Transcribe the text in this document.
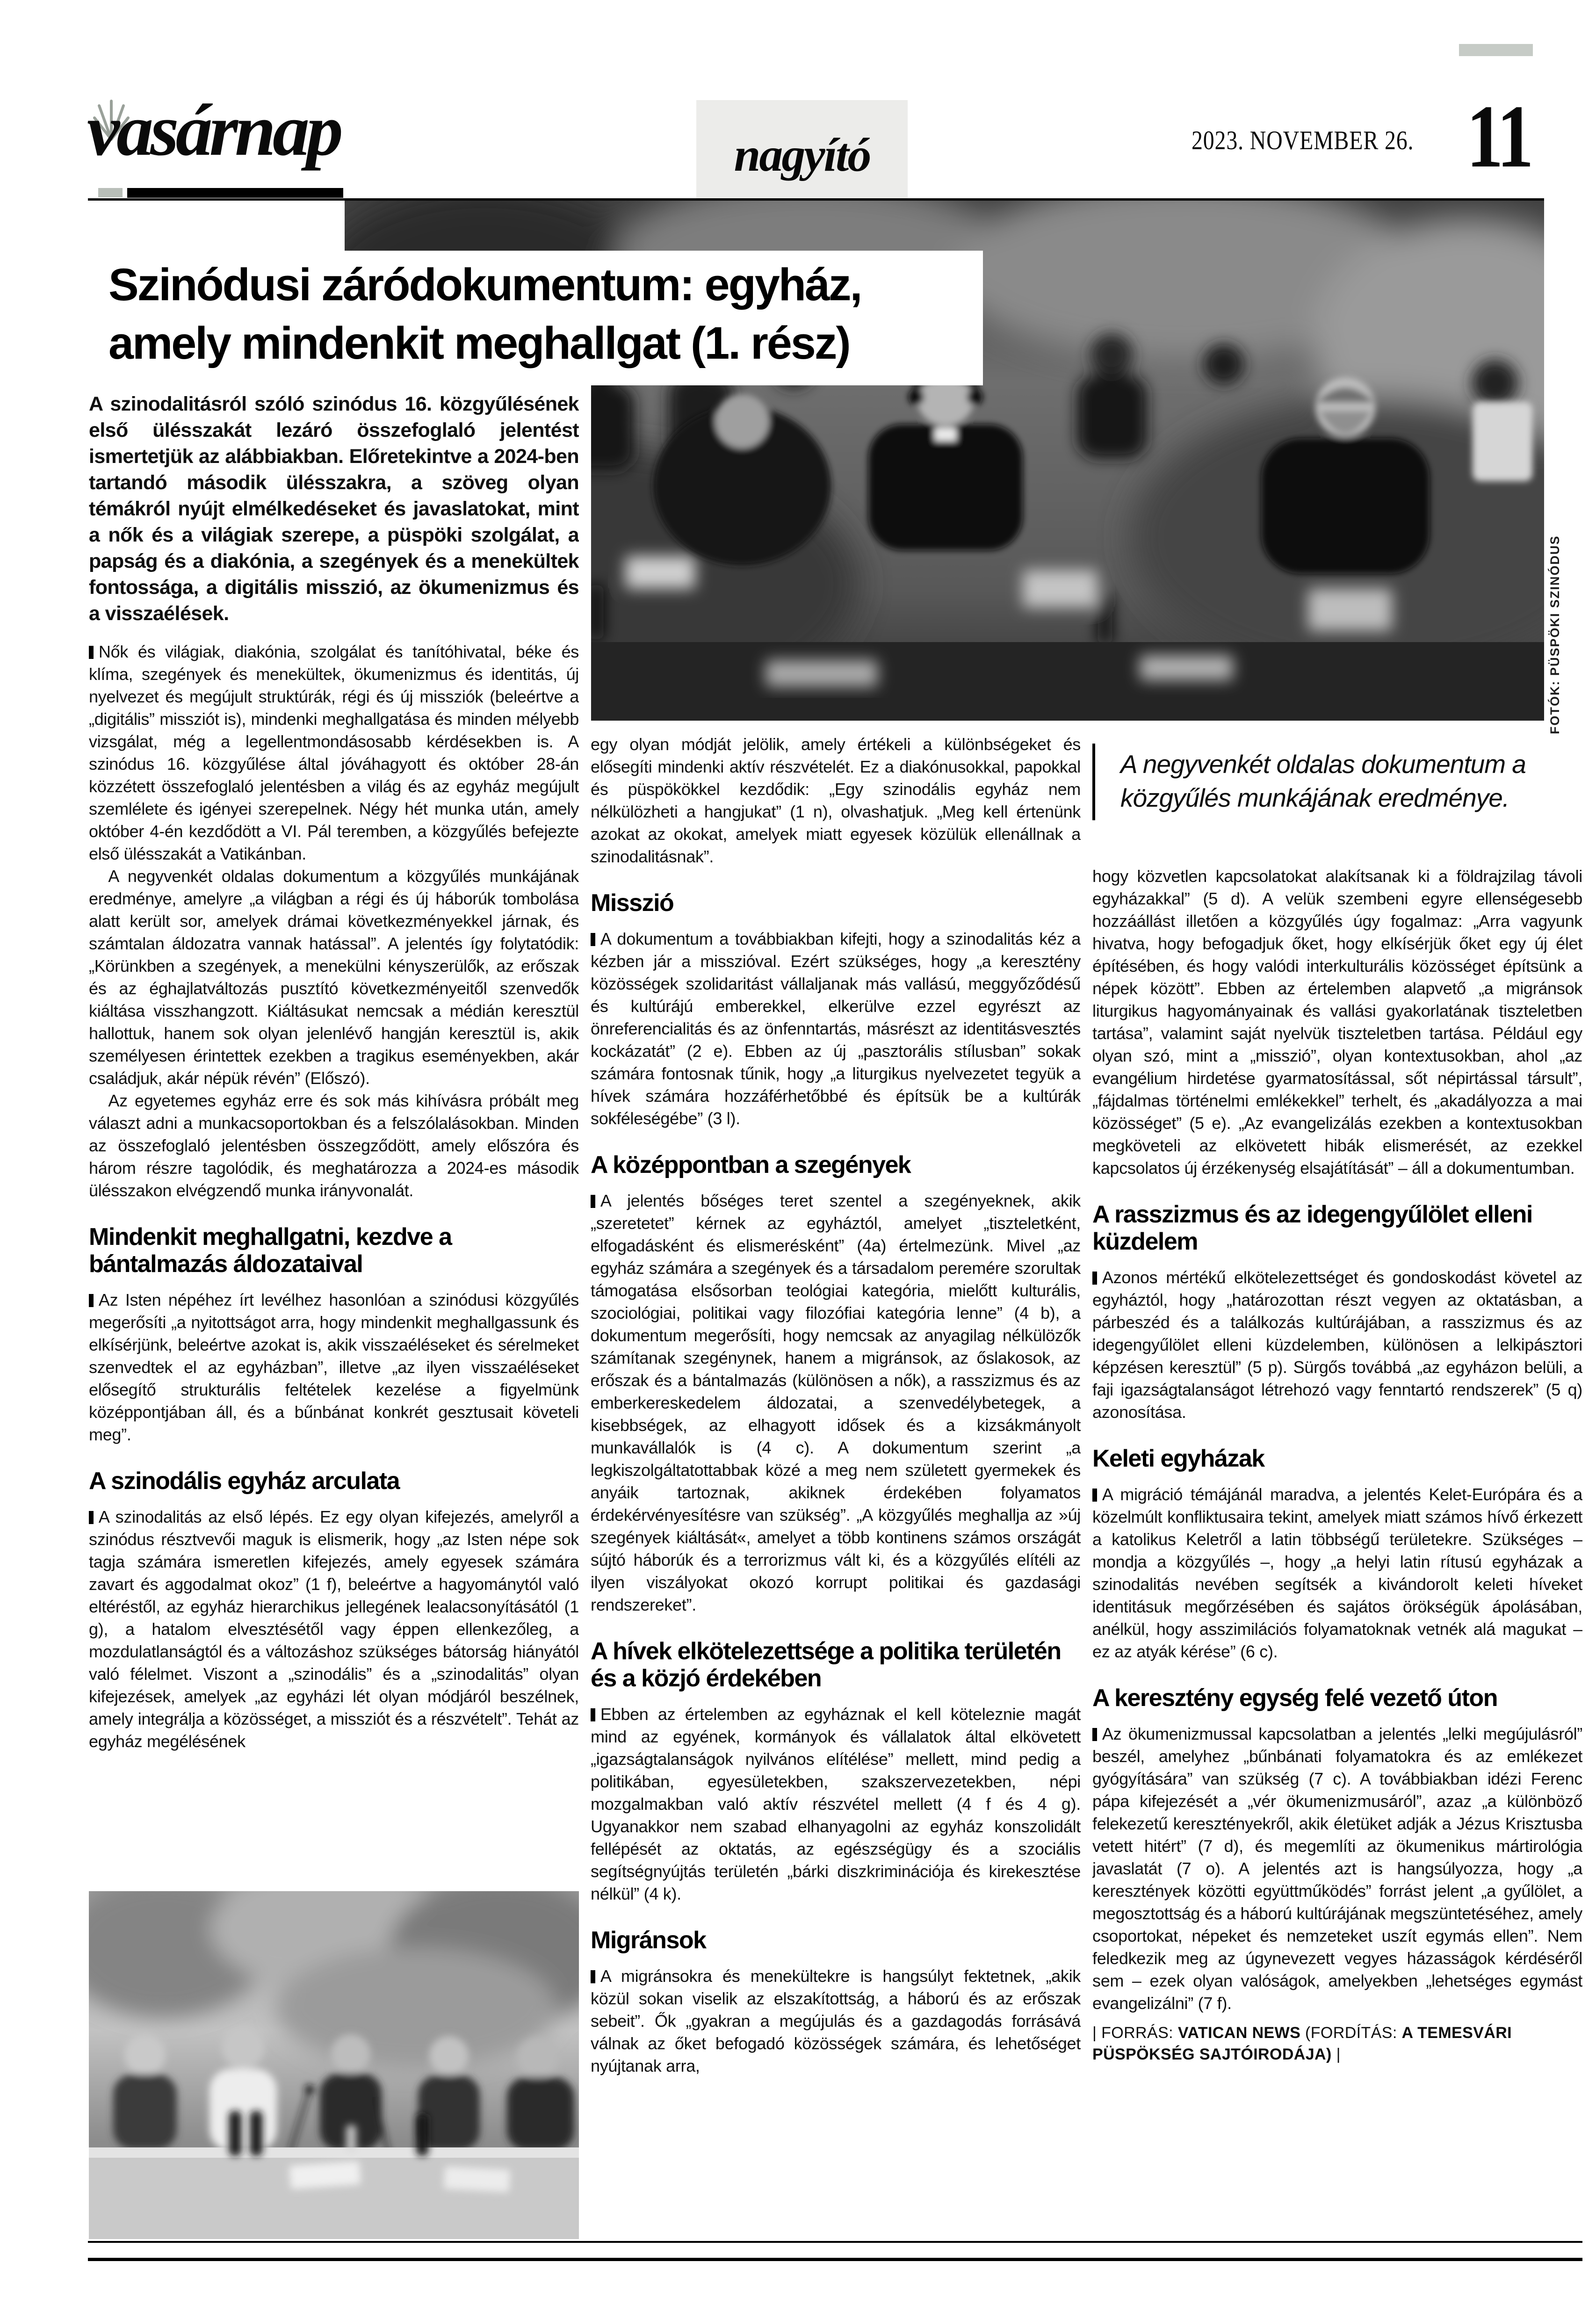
vasárnap	nagyító	2023. NOVEMBER 26. 11
FOTÓK: PÜSPÖKI SZINÓDUS
Szinódusi záródokumentum: egyház,
amely mindenkit meghallgat (1. rész)

A szinodalitásról szóló szinódus 16. közgyűlésének első ülésszakát lezáró összefoglaló jelentést ismertetjük az alábbiakban. Előretekintve a 2024-ben tartandó második ülésszakra, a szöveg olyan témákról nyújt elmélkedéseket és javaslatokat, mint a nők és a világiak szerepe, a püspöki szolgálat, a papság és a diakónia, a szegények és a menekültek fontossága, a digitális misszió, az ökumenizmus és a visszaélések.

Nők és világiak, diakónia, szolgálat és tanítóhivatal, béke és klíma, szegények és menekültek, ökumenizmus és identitás, új nyelvezet és megújult struktúrák, régi és új missziók (beleértve a „digitális” missziót is), mindenki meghallgatása és minden mélyebb vizsgálat, még a legellentmondásosabb kérdésekben is. A szinódus 16. közgyűlése által jóváhagyott és október 28-án közzétett összefoglaló jelentésben a világ és az egyház megújult szemlélete és igényei szerepelnek. Négy hét munka után, amely október 4-én kezdődött a VI. Pál teremben, a közgyűlés befejezte első ülésszakát a Vatikánban.

A negyvenkét oldalas dokumentum a közgyűlés munkájának eredménye, amelyre „a világban a régi és új háborúk tombolása alatt került sor, amelyek drámai következményekkel járnak, és számtalan áldozatra vannak hatással”. A jelentés így folytatódik: „Körünkben a szegények, a menekülni kényszerülők, az erőszak és az éghajlatváltozás pusztító következményeitől szenvedők kiáltása visszhangzott. Kiáltásukat nemcsak a médián keresztül hallottuk, hanem sok olyan jelenlévő hangján keresztül is, akik személyesen érintettek ezekben a tragikus eseményekben, akár családjuk, akár népük révén” (Előszó).

Az egyetemes egyház erre és sok más kihívásra próbált meg választ adni a munkacsoportokban és a felszólalásokban. Minden az összefoglaló jelentésben összegződött, amely előszóra és három részre tagolódik, és meghatározza a 2024-es második ülésszakon elvégzendő munka irányvonalát.

Mindenkit meghallgatni, kezdve a bántalmazás áldozataival

Az Isten népéhez írt levélhez hasonlóan a szinódusi közgyűlés megerősíti „a nyitottságot arra, hogy mindenkit meghallgassunk és elkísérjünk, beleértve azokat is, akik visszaéléseket és sérelmeket szenvedtek el az egyházban”, illetve „az ilyen visszaéléseket elősegítő strukturális feltételek kezelése a figyelmünk középpontjában áll, és a bűnbánat konkrét gesztusait követeli meg”.

A szinodális egyház arculata

A szinodalitás az első lépés. Ez egy olyan kifejezés, amelyről a szinódus résztvevői maguk is elismerik, hogy „az Isten népe sok tagja számára ismeretlen kifejezés, amely egyesek számára zavart és aggodalmat okoz” (1 f), beleértve a hagyománytól való eltéréstől, az egyház hierarchikus jellegének lealacsonyításától (1 g), a hatalom elvesztésétől vagy éppen ellenkezőleg, a mozdulatlanságtól és a változáshoz szükséges bátorság hiányától való félelmet. Viszont a „szinodális” és a „szinodalitás” olyan kifejezések, amelyek „az egyházi lét olyan módjáról beszélnek, amely integrálja a közösséget, a missziót és a részvételt”. Tehát az egyház megélésének

egy olyan módját jelölik, amely értékeli a különbségeket és elősegíti mindenki aktív részvételét. Ez a diakónusokkal, papokkal és püspökökkel kezdődik: „Egy szinodális egyház nem nélkülözheti a hangjukat” (1 n), olvashatjuk. „Meg kell értenünk azokat az okokat, amelyek miatt egyesek közülük ellenállnak a szinodalitásnak”.

Misszió

A dokumentum a továbbiakban kifejti, hogy a szinodalitás kéz a kézben jár a misszióval. Ezért szükséges, hogy „a keresztény közösségek szolidaritást vállaljanak más vallású, meggyőződésű és kultúrájú emberekkel, elkerülve ezzel egyrészt az önreferencialitás és az önfenntartás, másrészt az identitásvesztés kockázatát” (2 e). Ebben az új „pasztorális stílusban” sokak számára fontosnak tűnik, hogy „a liturgikus nyelvezetet tegyük a hívek számára hozzáférhetőbbé és építsük be a kultúrák sokféleségébe” (3 l).

A középpontban a szegények

A jelentés bőséges teret szentel a szegényeknek, akik „szeretetet” kérnek az egyháztól, amelyet „tiszteletként, elfogadásként és elismerésként” (4a) értelmezünk. Mivel „az egyház számára a szegények és a társadalom peremére szorultak támogatása elsősorban teológiai kategória, mielőtt kulturális, szociológiai, politikai vagy filozófiai kategória lenne” (4 b), a dokumentum megerősíti, hogy nemcsak az anyagilag nélkülözők számítanak szegénynek, hanem a migránsok, az őslakosok, az erőszak és a bántalmazás (különösen a nők), a rasszizmus és az emberkereskedelem áldozatai, a szenvedélybetegek, a kisebbségek, az elhagyott idősek és a kizsákmányolt munkavállalók is (4 c). A dokumentum szerint „a legkiszolgáltatottabbak közé a meg nem született gyermekek és anyáik tartoznak, akiknek érdekében folyamatos érdekérvényesítésre van szükség”. „A közgyűlés meghallja az »új szegények kiáltását«, amelyet a több kontinens számos országát sújtó háborúk és a terrorizmus vált ki, és a közgyűlés elítéli az ilyen viszályokat okozó korrupt politikai és gazdasági rendszereket”.

A hívek elkötelezettsége a politika területén és a közjó érdekében

Ebben az értelemben az egyháznak el kell köteleznie magát mind az egyének, kormányok és vállalatok által elkövetett „igazságtalanságok nyilvános elítélése” mellett, mind pedig a politikában, egyesületekben, szakszervezetekben, népi mozgalmakban való aktív részvétel mellett (4 f és 4 g). Ugyanakkor nem szabad elhanyagolni az egyház konszolidált fellépését az oktatás, az egészségügy és a szociális segítségnyújtás területén „bárki diszkriminációja és kirekesztése nélkül” (4 k).

Migránsok

A migránsokra és menekültekre is hangsúlyt fektetnek, „akik közül sokan viselik az elszakítottság, a háború és az erőszak sebeit”. Ők „gyakran a megújulás és a gazdagodás forrásává válnak az őket befogadó közösségek számára, és lehetőséget nyújtanak arra,

A negyvenkét oldalas dokumentum a közgyűlés munkájának eredménye.

hogy közvetlen kapcsolatokat alakítsanak ki a földrajzilag távoli egyházakkal” (5 d). A velük szembeni egyre ellenségesebb hozzáállást illetően a közgyűlés úgy fogalmaz: „Arra vagyunk hivatva, hogy befogadjuk őket, hogy elkísérjük őket egy új élet építésében, és hogy valódi interkulturális közösséget építsünk a népek között”. Ebben az értelemben alapvető „a migránsok liturgikus hagyományainak és vallási gyakorlatának tiszteletben tartása”, valamint saját nyelvük tiszteletben tartása. Például egy olyan szó, mint a „misszió”, olyan kontextusokban, ahol „az evangélium hirdetése gyarmatosítással, sőt népirtással társult”, „fájdalmas történelmi emlékekkel” terhelt, és „akadályozza a mai közösséget” (5 e). „Az evangelizálás ezekben a kontextusokban megköveteli az elkövetett hibák elismerését, az ezekkel kapcsolatos új érzékenység elsajátítását” – áll a dokumentumban.

A rasszizmus és az idegengyűlölet elleni küzdelem

Azonos mértékű elkötelezettséget és gondoskodást követel az egyháztól, hogy „határozottan részt vegyen az oktatásban, a párbeszéd és a találkozás kultúrájában, a rasszizmus és az idegengyűlölet elleni küzdelemben, különösen a lelkipásztori képzésen keresztül” (5 p). Sürgős továbbá „az egyházon belüli, a faji igazságtalanságot létrehozó vagy fenntartó rendszerek” (5 q) azonosítása.

Keleti egyházak

A migráció témájánál maradva, a jelentés Kelet-Európára és a közelmúlt konfliktusaira tekint, amelyek miatt számos hívő érkezett a katolikus Keletről a latin többségű területekre. Szükséges – mondja a közgyűlés –, hogy „a helyi latin rítusú egyházak a szinodalitás nevében segítsék a kivándorolt keleti híveket identitásuk megőrzésében és sajátos örökségük ápolásában, anélkül, hogy asszimilációs folyamatoknak vetnék alá magukat – ez az atyák kérése” (6 c).

A keresztény egység felé vezető úton

Az ökumenizmussal kapcsolatban a jelentés „lelki megújulásról” beszél, amelyhez „bűnbánati folyamatokra és az emlékezet gyógyítására” van szükség (7 c). A továbbiakban idézi Ferenc pápa kifejezését a „vér ökumenizmusáról”, azaz „a különböző felekezetű keresztényekről, akik életüket adják a Jézus Krisztusba vetett hitért” (7 d), és megemlíti az ökumenikus mártirológia javaslatát (7 o). A jelentés azt is hangsúlyozza, hogy „a keresztények közötti együttműködés” forrást jelent „a gyűlölet, a megosztottság és a háború kultúrájának megszüntetéséhez, amely csoportokat, népeket és nemzeteket uszít egymás ellen”. Nem feledkezik meg az úgynevezett vegyes házasságok kérdéséről sem – ezek olyan valóságok, amelyekben „lehetséges egymást evangelizálni” (7 f).

| FORRÁS: VATICAN NEWS (FORDÍTÁS: A TEMESVÁRI PÜSPÖKSÉG SAJTÓIRODÁJA) |
